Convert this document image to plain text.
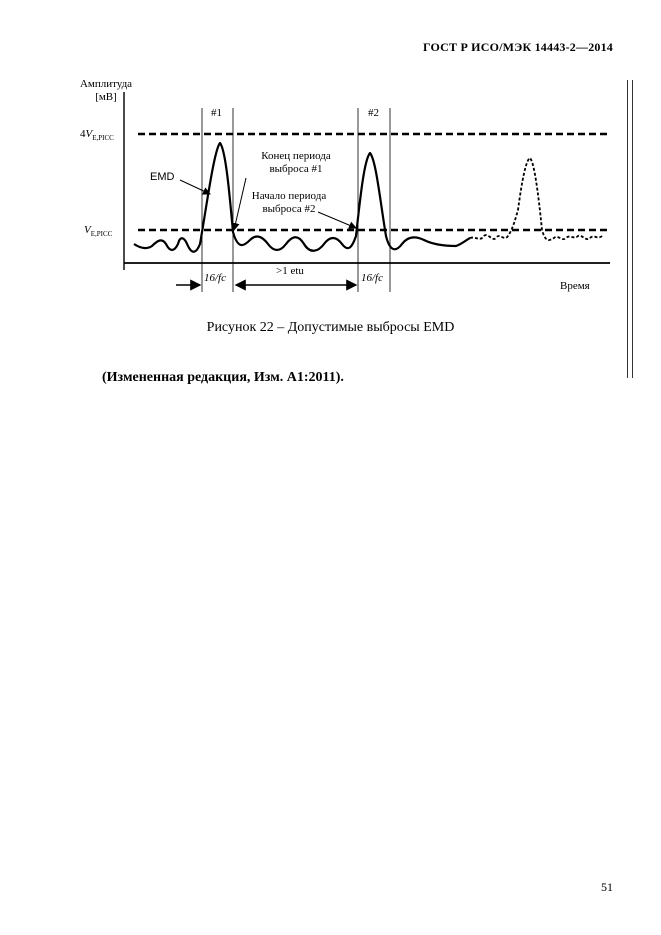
ГОСТ Р ИСО/МЭК 14443-2—2014
Амплитуда
[мВ]
$4V_{E,PICC}$
$V_{E,PICC}$
#1	#2
EMD
Конец периода
выброса #1
Начало периода
выброса #2
16/fc
>1 etu
16/fc
Время
Рисунок 22 – Допустимые выбросы EMD
(Измененная редакция, Изм. А1:2011).
51
